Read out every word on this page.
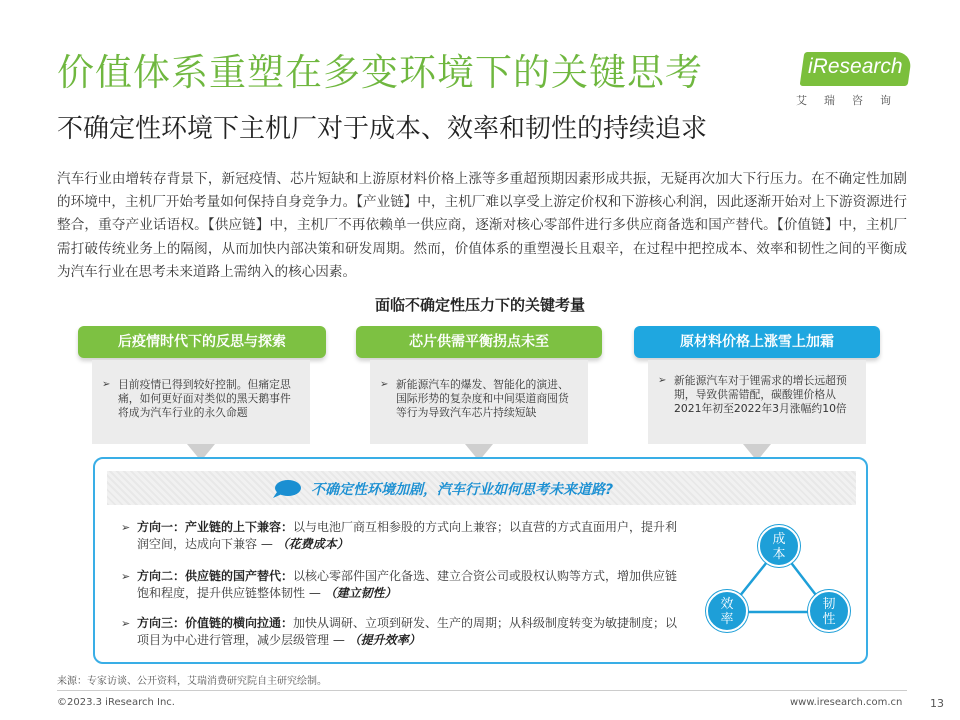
价值体系重塑在多变环境下的关键思考
不确定性环境下主机厂对于成本、效率和韧性的持续追求
iResearch
艾瑞咨询

汽车行业由增转存背景下，新冠疫情、芯片短缺和上游原材料价格上涨等多重超预期因素形成共振，无疑再次加大下行压力。在不确定性加剧的环境中，主机厂开始考量如何保持自身竞争力。【产业链】中，主机厂难以享受上游定价权和下游核心利润，因此逐渐开始对上下游资源进行整合，重夺产业话语权。【供应链】中，主机厂不再依赖单一供应商，逐渐对核心零部件进行多供应商备选和国产替代。【价值链】中，主机厂需打破传统业务上的隔阂，从而加快内部决策和研发周期。然而，价值体系的重塑漫长且艰辛，在过程中把控成本、效率和韧性之间的平衡成为汽车行业在思考未来道路上需纳入的核心因素。

面临不确定性压力下的关键考量
后疫情时代下的反思与探索	芯片供需平衡拐点未至	原材料价格上涨雪上加霜
➢ 目前疫情已得到较好控制。但痛定思痛，如何更好面对类似的黑天鹅事件将成为汽车行业的永久命题
➢ 新能源汽车的爆发、智能化的演进、国际形势的复杂度和中间渠道商囤货等行为导致汽车芯片持续短缺
➢ 新能源汽车对于锂需求的增长远超预期，导致供需错配，碳酸锂价格从2021年初至2022年3月涨幅约10倍
不确定性环境加剧，汽车行业如何思考未来道路?
➢ 方向一：产业链的上下兼容：以与电池厂商互相参股的方式向上兼容；以直营的方式直面用户，提升利润空间，达成向下兼容 — （花费成本）
➢ 方向二：供应链的国产替代：以核心零部件国产化备选、建立合资公司或股权认购等方式，增加供应链饱和程度，提升供应链整体韧性 — （建立韧性）
➢ 方向三：价值链的横向拉通：加快从调研、立项到研发、生产的周期；从科级制度转变为敏捷制度；以项目为中心进行管理，减少层级管理 — （提升效率）
成
本
效
率
韧
性
来源：专家访谈、公开资料，艾瑞消费研究院自主研究绘制。
©2023.3 iResearch Inc.	www.iresearch.com.cn	13
